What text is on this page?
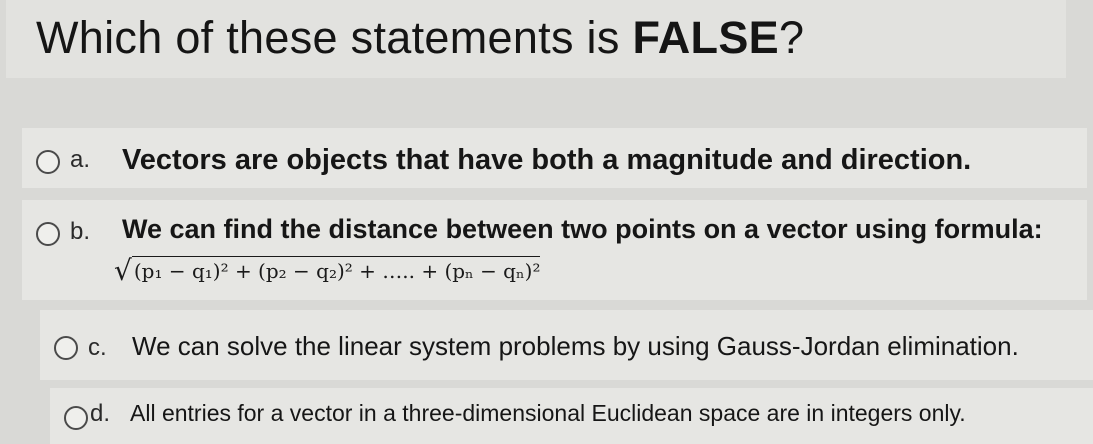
Which of these statements is FALSE?
a. Vectors are objects that have both a magnitude and direction.
b. We can find the distance between two points on a vector using formula:
√ (p₁ − q₁)² + (p₂ − q₂)² + ….. + (pₙ − qₙ)²
c. We can solve the linear system problems by using Gauss-Jordan elimination.
d. All entries for a vector in a three-dimensional Euclidean space are in integers only.
